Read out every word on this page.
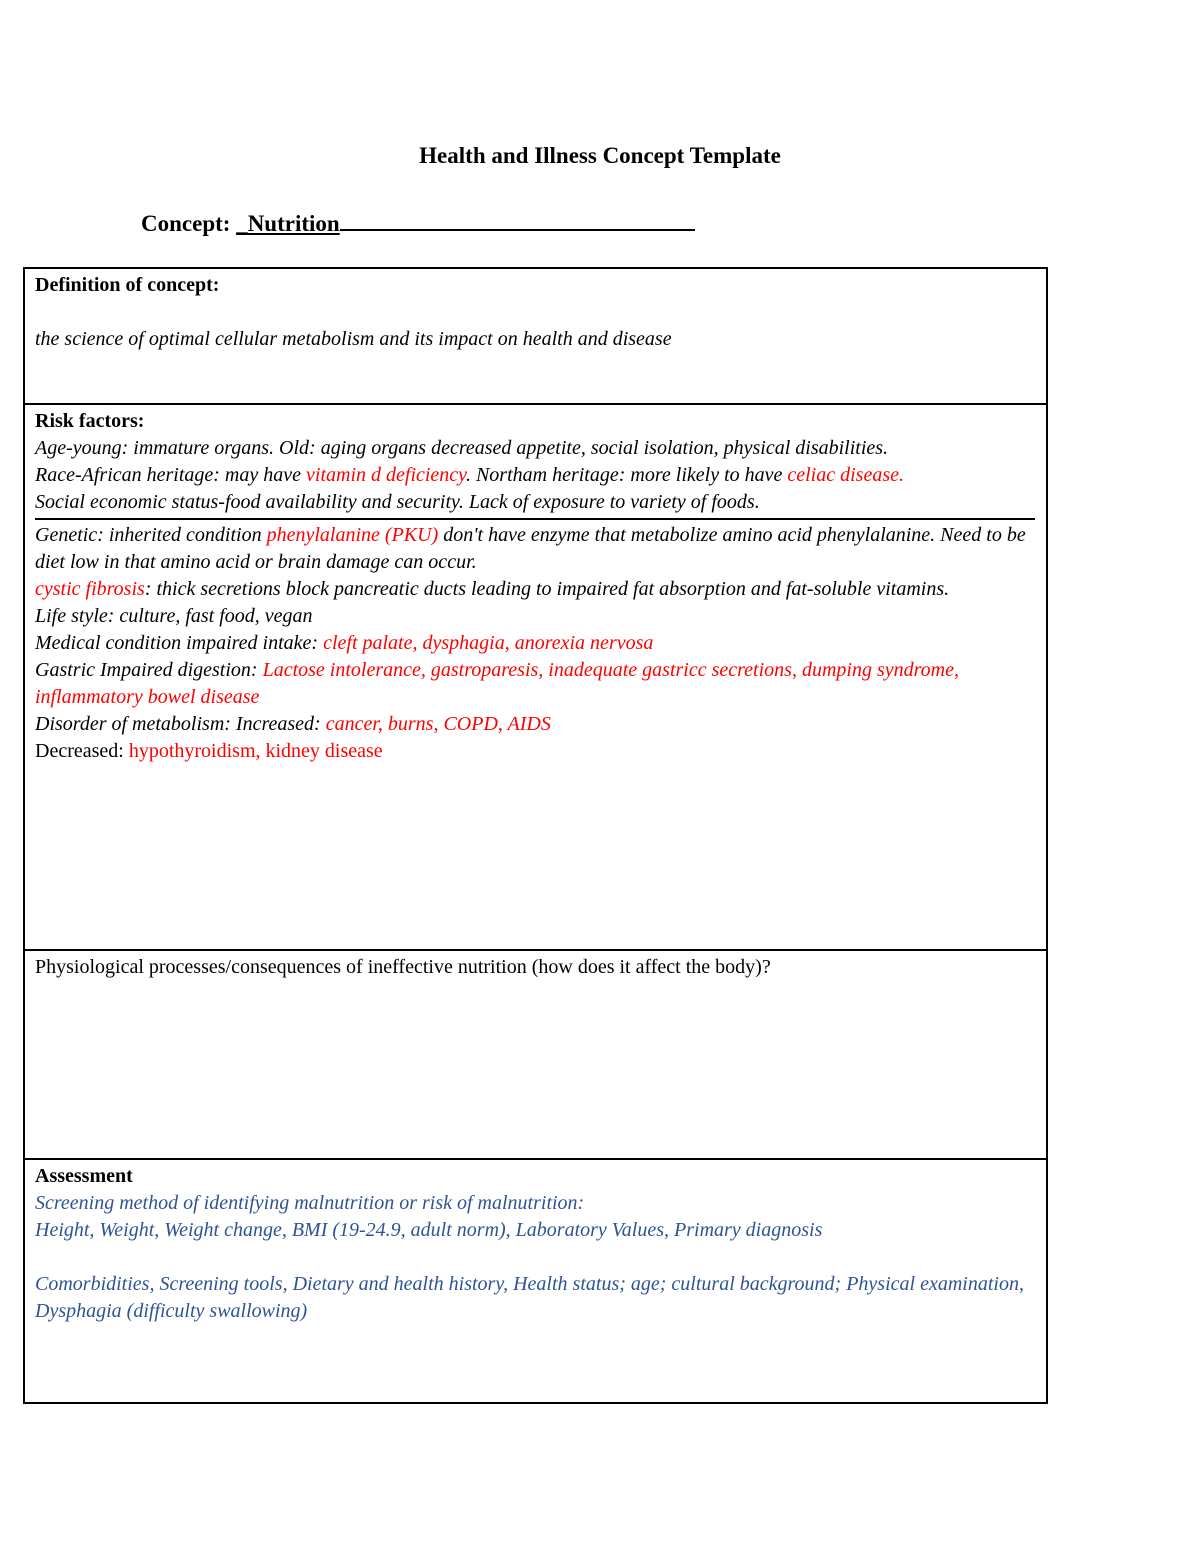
Health and Illness Concept Template
Concept: _Nutrition
Definition of concept:
the science of optimal cellular metabolism and its impact on health and disease
Risk factors:
Age-young: immature organs. Old: aging organs decreased appetite, social isolation, physical disabilities.
Race-African heritage: may have vitamin d deficiency. Northam heritage: more likely to have celiac disease.
Social economic status-food availability and security. Lack of exposure to variety of foods.
Genetic: inherited condition phenylalanine (PKU) don't have enzyme that metabolize amino acid phenylalanine. Need to be diet low in that amino acid or brain damage can occur.
cystic fibrosis: thick secretions block pancreatic ducts leading to impaired fat absorption and fat-soluble vitamins.
Life style: culture, fast food, vegan
Medical condition impaired intake: cleft palate, dysphagia, anorexia nervosa
Gastric Impaired digestion: Lactose intolerance, gastroparesis, inadequate gastricc secretions, dumping syndrome, inflammatory bowel disease
Disorder of metabolism: Increased: cancer, burns, COPD, AIDS
Decreased: hypothyroidism, kidney disease
Physiological processes/consequences of ineffective nutrition (how does it affect the body)?
Assessment
Screening method of identifying malnutrition or risk of malnutrition:
Height, Weight, Weight change, BMI (19-24.9, adult norm), Laboratory Values, Primary diagnosis
Comorbidities, Screening tools, Dietary and health history, Health status; age; cultural background; Physical examination, Dysphagia (difficulty swallowing)
